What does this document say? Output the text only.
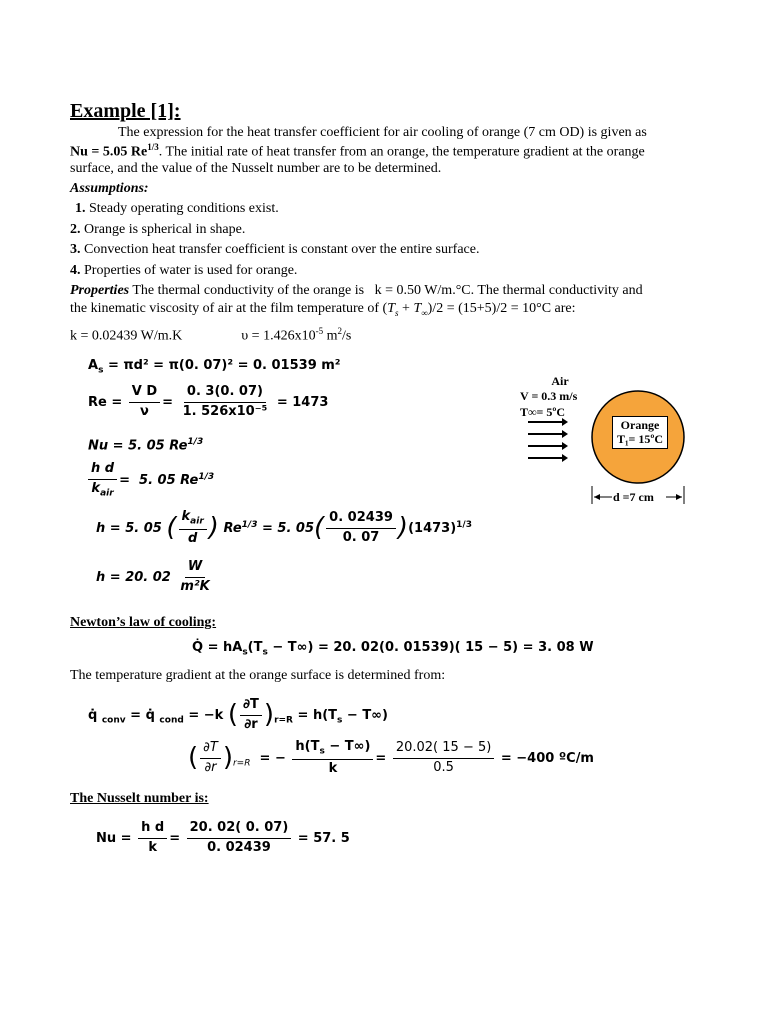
Example [1]:
The expression for the heat transfer coefficient for air cooling of orange (7 cm OD) is given as
Nu = 5.05 $Re^{1/3}$. The initial rate of heat transfer from an orange, the temperature gradient at the orange
surface, and the value of the Nusselt number are to be determined.
Assumptions:
1. Steady operating conditions exist.
2. Orange is spherical in shape.
3. Convection heat transfer coefficient is constant over the entire surface.
4. Properties of water is used for orange.
Properties The thermal conductivity of the orange is k = 0.50 W/m.°C. The thermal conductivity and
the kinematic viscosity of air at the film temperature of $(T_s + T_\infty)/2 = (15+5)/2 = 10^\circ C$ are:
k = 0.02439 W/m.K	$\upsilon = 1.426x10^{-5}$ $m^2/s$
$A_s = \pi d^2 = \pi(0$. 07)² = 0. 01539 m²
$Re = \frac{\text{V D}}{\nu} = \frac{0. 3(0. 07)}{\text{1. 526x10⁻⁵}} = 1473$
Nu = 5. 05 $Re^{1/3}$
$\frac{\text{h d}}{k_{air}} = 5$. 05 $Re^{1/3}$
h = 5. 05 ( $\frac{k_{air}}{d}$ ) $Re^{1/3} = 5$. $05( \frac{0. 02439}{0. 07} )(1473)^{1/3}$
h = 20. $02 \frac{W}{\text{m²K}}$
Air
V = 0.3 m/s
T∞= 5ºC
Orange
T₁= 15ºC
d =7 cm
Newton’s law of cooling:
Q̇ = $hA_s(T_s - T\infty) = 20$. 02(0. 01539)( 15 − 5) = 3. 08 W
The temperature gradient at the orange surface is determined from:
q̇ $_{conv}$ = q̇ $_{cond}$ = −k ( $\frac{\partial T}{\partial r} )_{r=R} = h(T_s - T\infty)$
( $\frac{\partial T}{\partial r} )_{r=R}$ = − $\frac{h(T_s - T\infty)}{k} = \frac{20.02( 15 - 5)}{0.5} = -400$ ºC/m
The Nusselt number is:
$Nu = \frac{\text{h d}}{k} = \frac{20. 02( 0. 07)}{0. 02439} = 57$. 5
